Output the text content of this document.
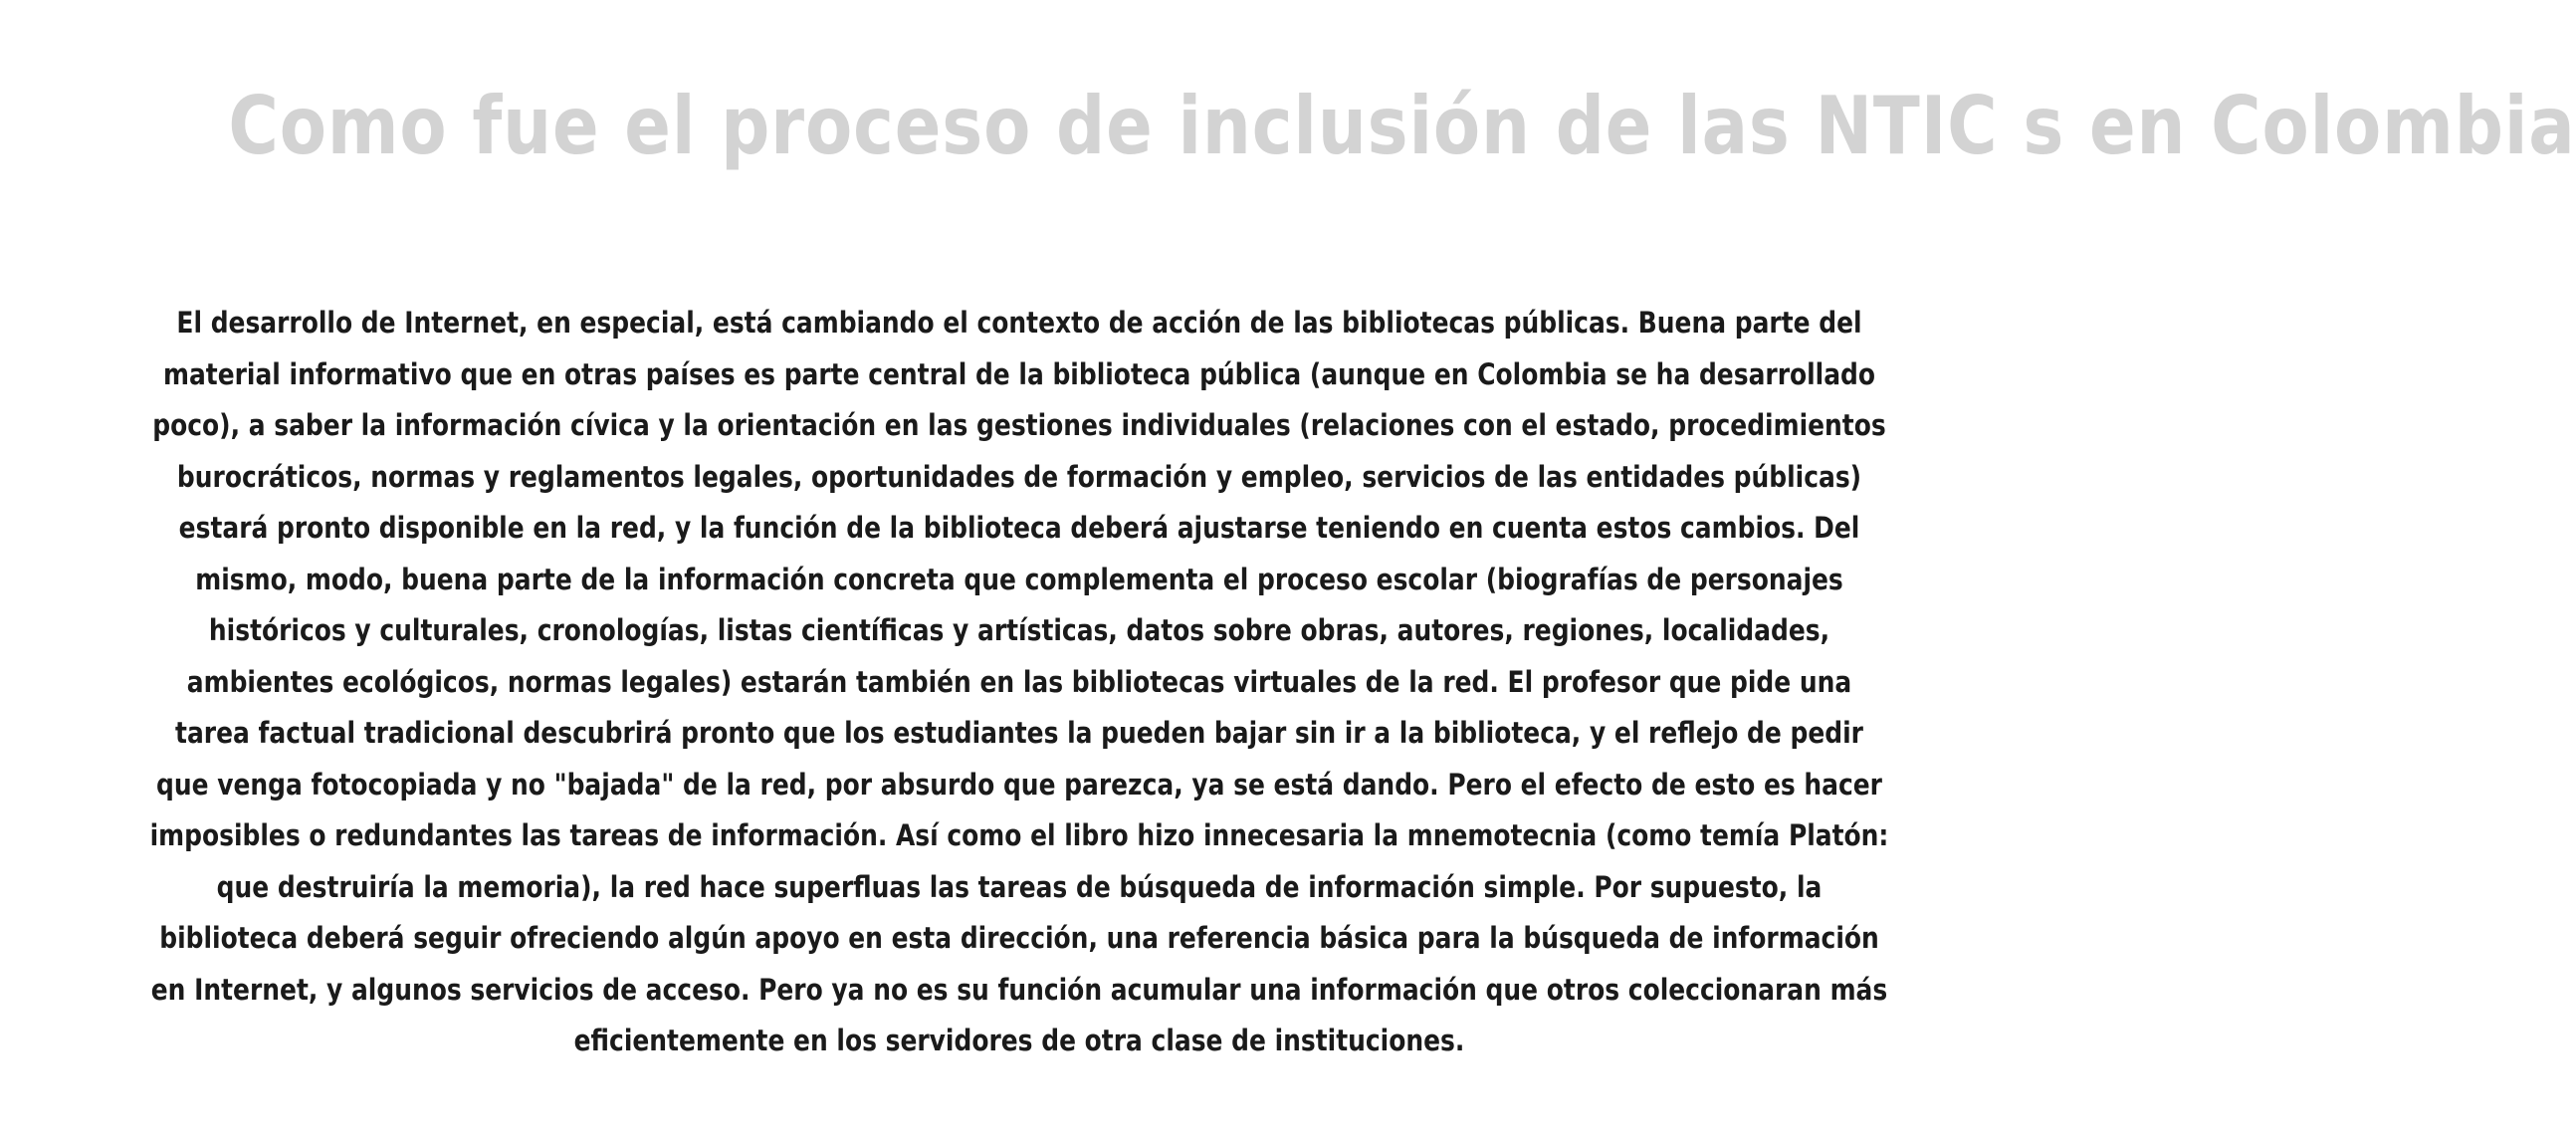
Como fue el proceso de inclusión de las NTIC s en Colombia

El desarrollo de Internet, en especial, está cambiando el contexto de acción de las bibliotecas públicas. Buena parte del material informativo que en otras países es parte central de la biblioteca pública (aunque en Colombia se ha desarrollado poco), a saber la información cívica y la orientación en las gestiones individuales (relaciones con el estado, procedimientos burocráticos, normas y reglamentos legales, oportunidades de formación y empleo, servicios de las entidades públicas) estará pronto disponible en la red, y la función de la biblioteca deberá ajustarse teniendo en cuenta estos cambios. Del mismo, modo, buena parte de la información concreta que complementa el proceso escolar (biografías de personajes históricos y culturales, cronologías, listas científicas y artísticas, datos sobre obras, autores, regiones, localidades, ambientes ecológicos, normas legales) estarán también en las bibliotecas virtuales de la red. El profesor que pide una tarea factual tradicional descubrirá pronto que los estudiantes la pueden bajar sin ir a la biblioteca, y el reflejo de pedir que venga fotocopiada y no "bajada" de la red, por absurdo que parezca, ya se está dando. Pero el efecto de esto es hacer imposibles o redundantes las tareas de información. Así como el libro hizo innecesaria la mnemotecnia (como temía Platón: que destruiría la memoria), la red hace superfluas las tareas de búsqueda de información simple. Por supuesto, la biblioteca deberá seguir ofreciendo algún apoyo en esta dirección, una referencia básica para la búsqueda de información en Internet, y algunos servicios de acceso. Pero ya no es su función acumular una información que otros coleccionaran más eficientemente en los servidores de otra clase de instituciones.
